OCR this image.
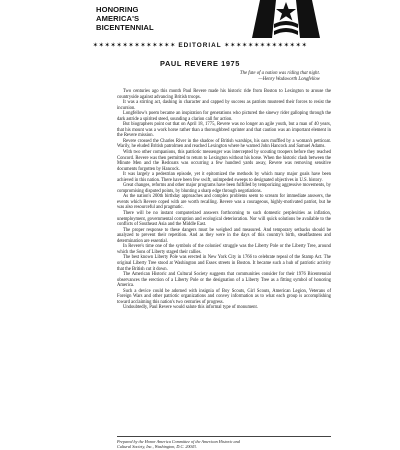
HONORING
AMERICA'S
BICENTENNIAL
✶✶✶✶✶✶✶✶✶✶✶✶✶✶ EDITORIAL ✶✶✶✶✶✶✶✶✶✶✶✶✶✶
PAUL REVERE 1975
The fate of a nation was riding that night.
—Henry Wadsworth Longfellow

Two centuries ago this month Paul Revere made his historic ride from Boston to Lexington to arouse the countryside against advancing British troops.

It was a stirring act, dashing in character and capped by success as patriots mustered their forces to resist the incursion.

Longfellow's poem became an inspiration for generations who pictured the sinewy rider galloping through the dark astride a spirited steed, sounding a clarion call for action.

But biographers point out that on April 18, 1775, Revere was no longer an agile youth, but a man of 40 years, that his mount was a work horse rather than a thoroughbred sprinter and that caution was an important element in the Revere mission.

Revere crossed the Charles River in the shadow of British warships, his oars muffled by a woman's petticoat. Warily, he eluded British patrolmen and reached Lexington where he warned John Hancock and Samuel Adams.

With two other companions, this patriotic messenger was intercepted by scouting troopers before they reached Concord. Revere was then permitted to return to Lexington without his horse. When the historic clash between the Minute Men and the Redcoats was occurring a few hundred yards away, Revere was removing sensitive documents forgotten by Hancock.

It was largely a pedestrian episode, yet it epitomized the methods by which many major goals have been achieved in this nation. There have been few swift, unimpeded sweeps to designated objectives in U.S. history.

Great changes, reforms and other major programs have been fulfilled by temporizing aggressive movements, by compromising disputed points, by blunting a sharp edge through negotiations.

As the nation's 200th birthday approaches and complex problems seem to scream for immediate answers, the events which Revere coped with are worth recalling. Revere was a courageous, highly-motivated patriot, but he was also resourceful and pragmatic.

There will be no instant computerized answers forthcoming to such domestic perplexities as inflation, unemployment, governmental corruption and ecological deterioration. Nor will quick solutions be available to the conflicts of Southeast Asia and the Middle East.

The proper response to these dangers must be weighed and measured. And temporary setbacks should be analyzed to prevent their repetition. And as they were in the days of this country's birth, steadfastness and determination are essential.

In Revere's time one of the symbols of the colonies' struggle was the Liberty Pole or the Liberty Tree, around which the Sons of Liberty staged their rallies.

The best known Liberty Pole was erected in New York City in 1766 to celebrate repeal of the Stamp Act. The original Liberty Tree stood at Washington and Essex streets in Boston. It became such a hub of patriotic activity that the British cut it down.

The American Historic and Cultural Society suggests that communities consider for their 1976 Bicentennial observances the erection of a Liberty Pole or the designation of a Liberty Tree as a fitting symbol of honoring America.

Such a device could be adorned with insignia of Boy Scouts, Girl Scouts, American Legion, Veterans of Foreign Wars and other patriotic organizations and convey information as to what each group is accomplishing toward acclaiming this nation's two centuries of progress.

Undoubtedly, Paul Revere would salute this informal type of monument.

Prepared by the Honor America Committee of the American Historic and
Cultural Society, Inc., Washington, D.C. 20043.
